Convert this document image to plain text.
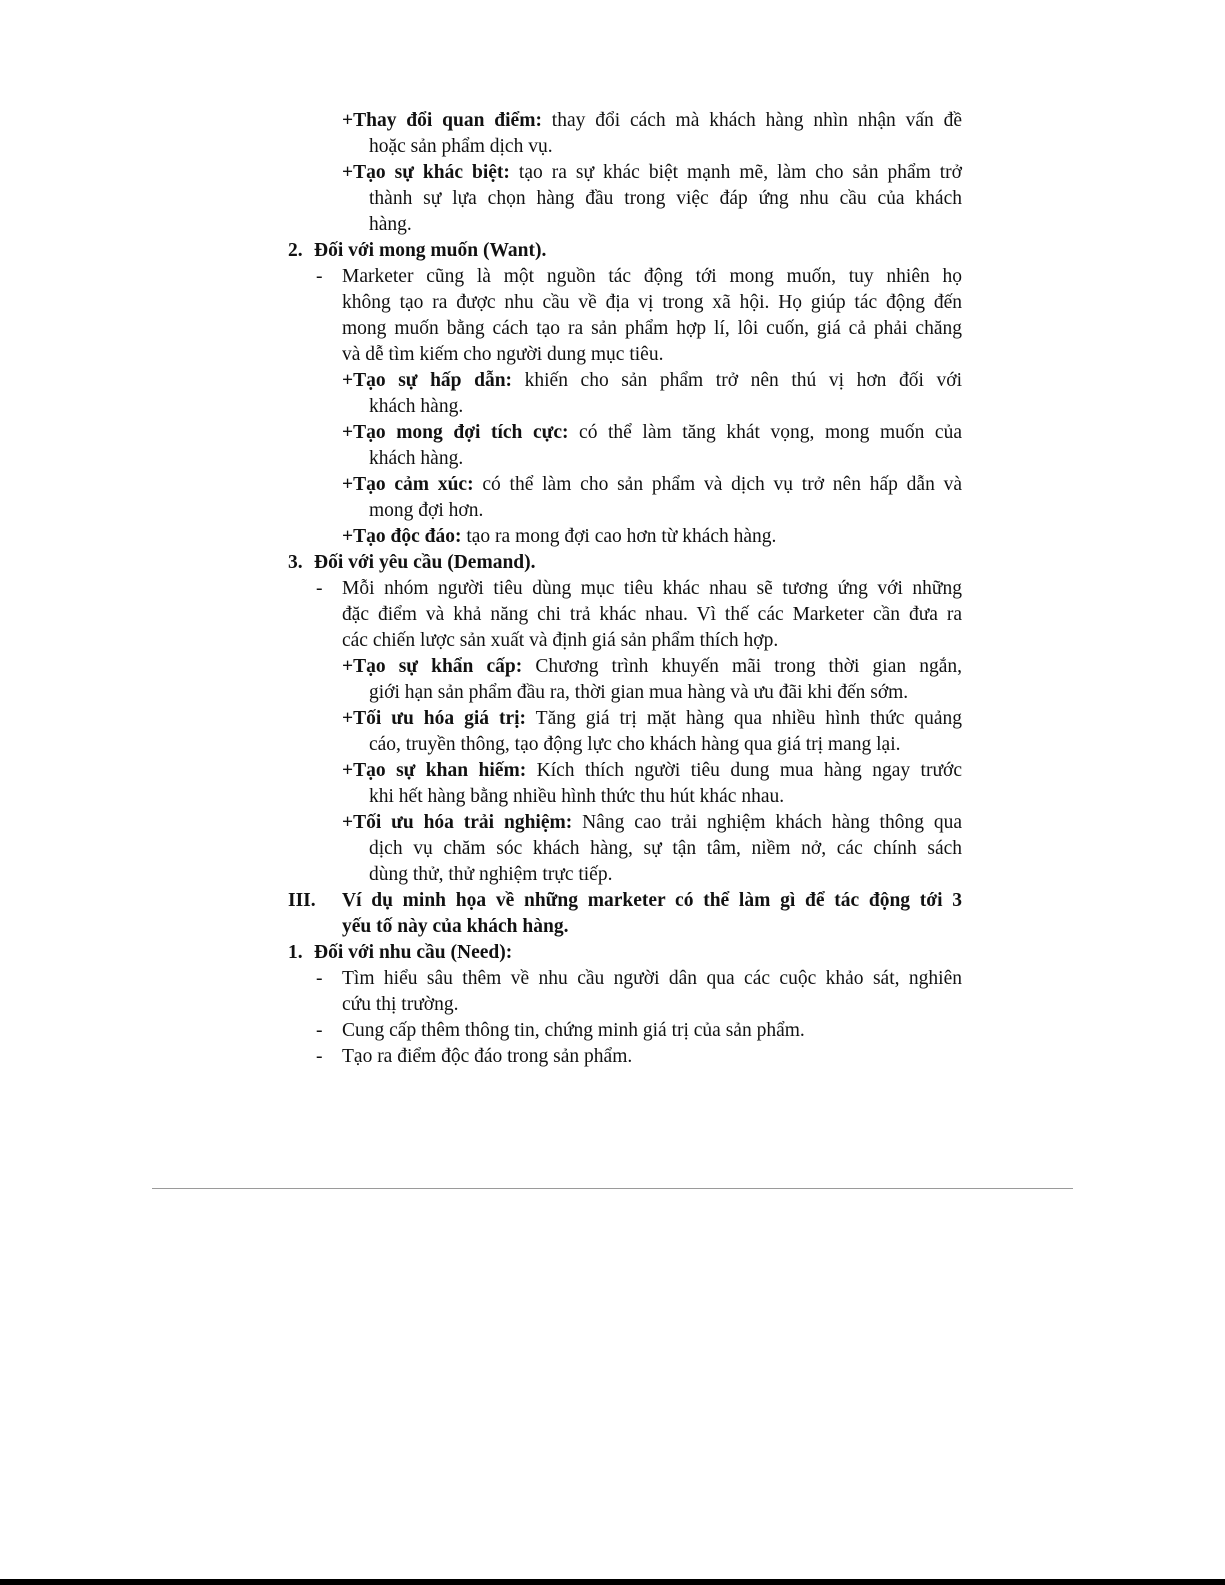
+Thay đổi quan điểm: thay đổi cách mà khách hàng nhìn nhận vấn đề
hoặc sản phẩm dịch vụ.
+Tạo sự khác biệt: tạo ra sự khác biệt mạnh mẽ, làm cho sản phẩm trở
thành sự lựa chọn hàng đầu trong việc đáp ứng nhu cầu của khách
hàng.
2. Đối với mong muốn (Want).
- Marketer cũng là một nguồn tác động tới mong muốn, tuy nhiên họ
không tạo ra được nhu cầu về địa vị trong xã hội. Họ giúp tác động đến
mong muốn bằng cách tạo ra sản phẩm hợp lí, lôi cuốn, giá cả phải chăng
và dễ tìm kiếm cho người dung mục tiêu.
+Tạo sự hấp dẫn: khiến cho sản phẩm trở nên thú vị hơn đối với
khách hàng.
+Tạo mong đợi tích cực: có thể làm tăng khát vọng, mong muốn của
khách hàng.
+Tạo cảm xúc: có thể làm cho sản phẩm và dịch vụ trở nên hấp dẫn và
mong đợi hơn.
+Tạo độc đáo: tạo ra mong đợi cao hơn từ khách hàng.
3. Đối với yêu cầu (Demand).
- Mỗi nhóm người tiêu dùng mục tiêu khác nhau sẽ tương ứng với những
đặc điểm và khả năng chi trả khác nhau. Vì thế các Marketer cần đưa ra
các chiến lược sản xuất và định giá sản phẩm thích hợp.
+Tạo sự khẩn cấp: Chương trình khuyến mãi trong thời gian ngắn,
giới hạn sản phẩm đầu ra, thời gian mua hàng và ưu đãi khi đến sớm.
+Tối ưu hóa giá trị: Tăng giá trị mặt hàng qua nhiều hình thức quảng
cáo, truyền thông, tạo động lực cho khách hàng qua giá trị mang lại.
+Tạo sự khan hiếm: Kích thích người tiêu dung mua hàng ngay trước
khi hết hàng bằng nhiều hình thức thu hút khác nhau.
+Tối ưu hóa trải nghiệm: Nâng cao trải nghiệm khách hàng thông qua
dịch vụ chăm sóc khách hàng, sự tận tâm, niềm nở, các chính sách
dùng thử, thử nghiệm trực tiếp.
III. Ví dụ minh họa về những marketer có thể làm gì để tác động tới 3
yếu tố này của khách hàng.
1. Đối với nhu cầu (Need):
- Tìm hiểu sâu thêm về nhu cầu người dân qua các cuộc khảo sát, nghiên
cứu thị trường.
- Cung cấp thêm thông tin, chứng minh giá trị của sản phẩm.
- Tạo ra điểm độc đáo trong sản phẩm.
